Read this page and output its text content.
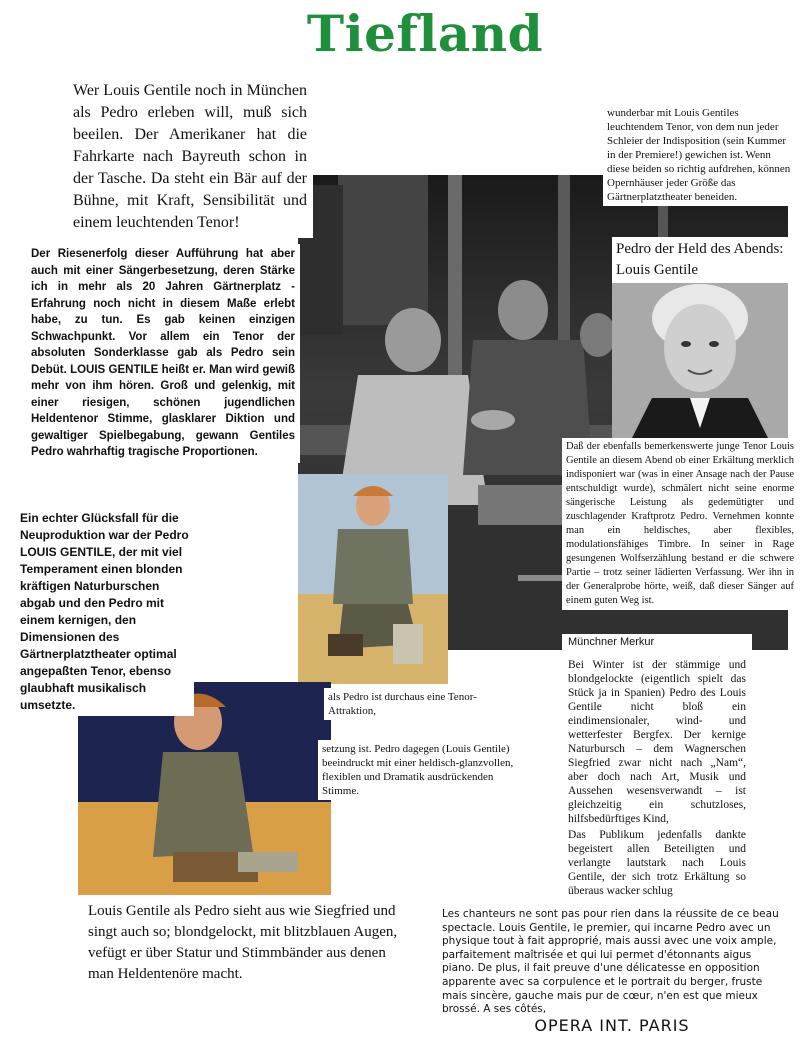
Tiefland
Wer Louis Gentile noch in München als Pedro erleben will, muß sich beeilen. Der Amerikaner hat die Fahrkarte nach Bayreuth schon in der Tasche. Da steht ein Bär auf der Bühne, mit Kraft, Sensibilität und einem leuchtenden Tenor!
wunderbar mit Louis Gentiles leuchtendem Tenor, von dem nun jeder Schleier der Indisposition (sein Kummer in der Premiere!) gewichen ist. Wenn diese beiden so richtig aufdrehen, können Opernhäuser jeder Größe das Gärtnerplatztheater beneiden.
Pedro der Held des Abends: Louis Gentile
Der Riesenerfolg dieser Aufführung hat aber auch mit einer Sängerbesetzung, deren Stärke ich in mehr als 20 Jahren Gärtnerplatz - Erfahrung noch nicht in diesem Maße erlebt habe, zu tun. Es gab keinen einzigen Schwachpunkt. Vor allem ein Tenor der absoluten Sonderklasse gab als Pedro sein Debüt. LOUIS GENTILE heißt er. Man wird gewiß mehr von ihm hören. Groß und gelenkig, mit einer riesigen, schönen jugendlichen Heldentenor Stimme, glasklarer Diktion und gewaltiger Spielbegabung, gewann Gentiles Pedro wahrhaftig tragische Proportionen.	Daß der ebenfalls bemerkenswerte junge Tenor Louis Gentile an diesem Abend ob einer Erkältung merklich indisponiert war (was in einer Ansage nach der Pause entschuldigt wurde), schmälert nicht seine enorme sängerische Leistung als gedemütigter und zuschlagender Kraftprotz Pedro. Vernehmen konnte man ein heldisches, aber flexibles, modulationsfähiges Timbre. In seiner in Rage gesungenen Wolfserzählung bestand er die schwere Partie – trotz seiner lädierten Verfassung. Wer ihn in der Generalprobe hörte, weiß, daß dieser Sänger auf einem guten Weg ist.
Ein echter Glücksfall für die Neuproduktion war der Pedro LOUIS GENTILE, der mit viel Temperament einen blonden kräftigen Naturburschen abgab und den Pedro mit einem kernigen, den Dimensionen des Gärtnerplatztheater optimal angepaßten Tenor, ebenso glaubhaft musikalisch umsetzte.
Münchner Merkur
Bei Winter ist der stämmige und blondgelockte (eigentlich spielt das Stück ja in Spanien) Pedro des Louis Gentile nicht bloß ein eindimensionaler, wind- und wetterfester Bergfex. Der kernige Naturbursch – dem Wagnerschen Siegfried zwar nicht nach „Nam“, aber doch nach Art, Musik und Aussehen wesensverwandt – ist gleichzeitig ein schutzloses, hilfsbedürftiges Kind,
Das Publikum jedenfalls dankte begeistert allen Beteiligten und verlangte lautstark nach Louis Gentile, der sich trotz Erkältung so überaus wacker schlug
als Pedro ist durchaus eine Tenor-Attraktion,
setzung ist. Pedro dagegen (Louis Gentile) beeindruckt mit einer heldisch-glanzvollen, flexiblen und Dramatik ausdrückenden Stimme.
Louis Gentile als Pedro sieht aus wie Siegfried und singt auch so; blondgelockt, mit blitzblauen Augen, vefügt er über Statur und Stimmbänder aus denen man Heldentenöre macht.
Les chanteurs ne sont pas pour rien dans la réussite de ce beau spectacle. Louis Gentile, le premier, qui incarne Pedro avec un physique tout à fait approprié, mais aussi avec une voix ample, parfaitement maîtrisée et qui lui permet d'étonnants aigus piano. De plus, il fait preuve d'une délicatesse en opposition apparente avec sa corpulence et le portrait du berger, fruste mais sincère, gauche mais pur de cœur, n'en est que mieux brossé. A ses côtés,
OPERA INT. PARIS
